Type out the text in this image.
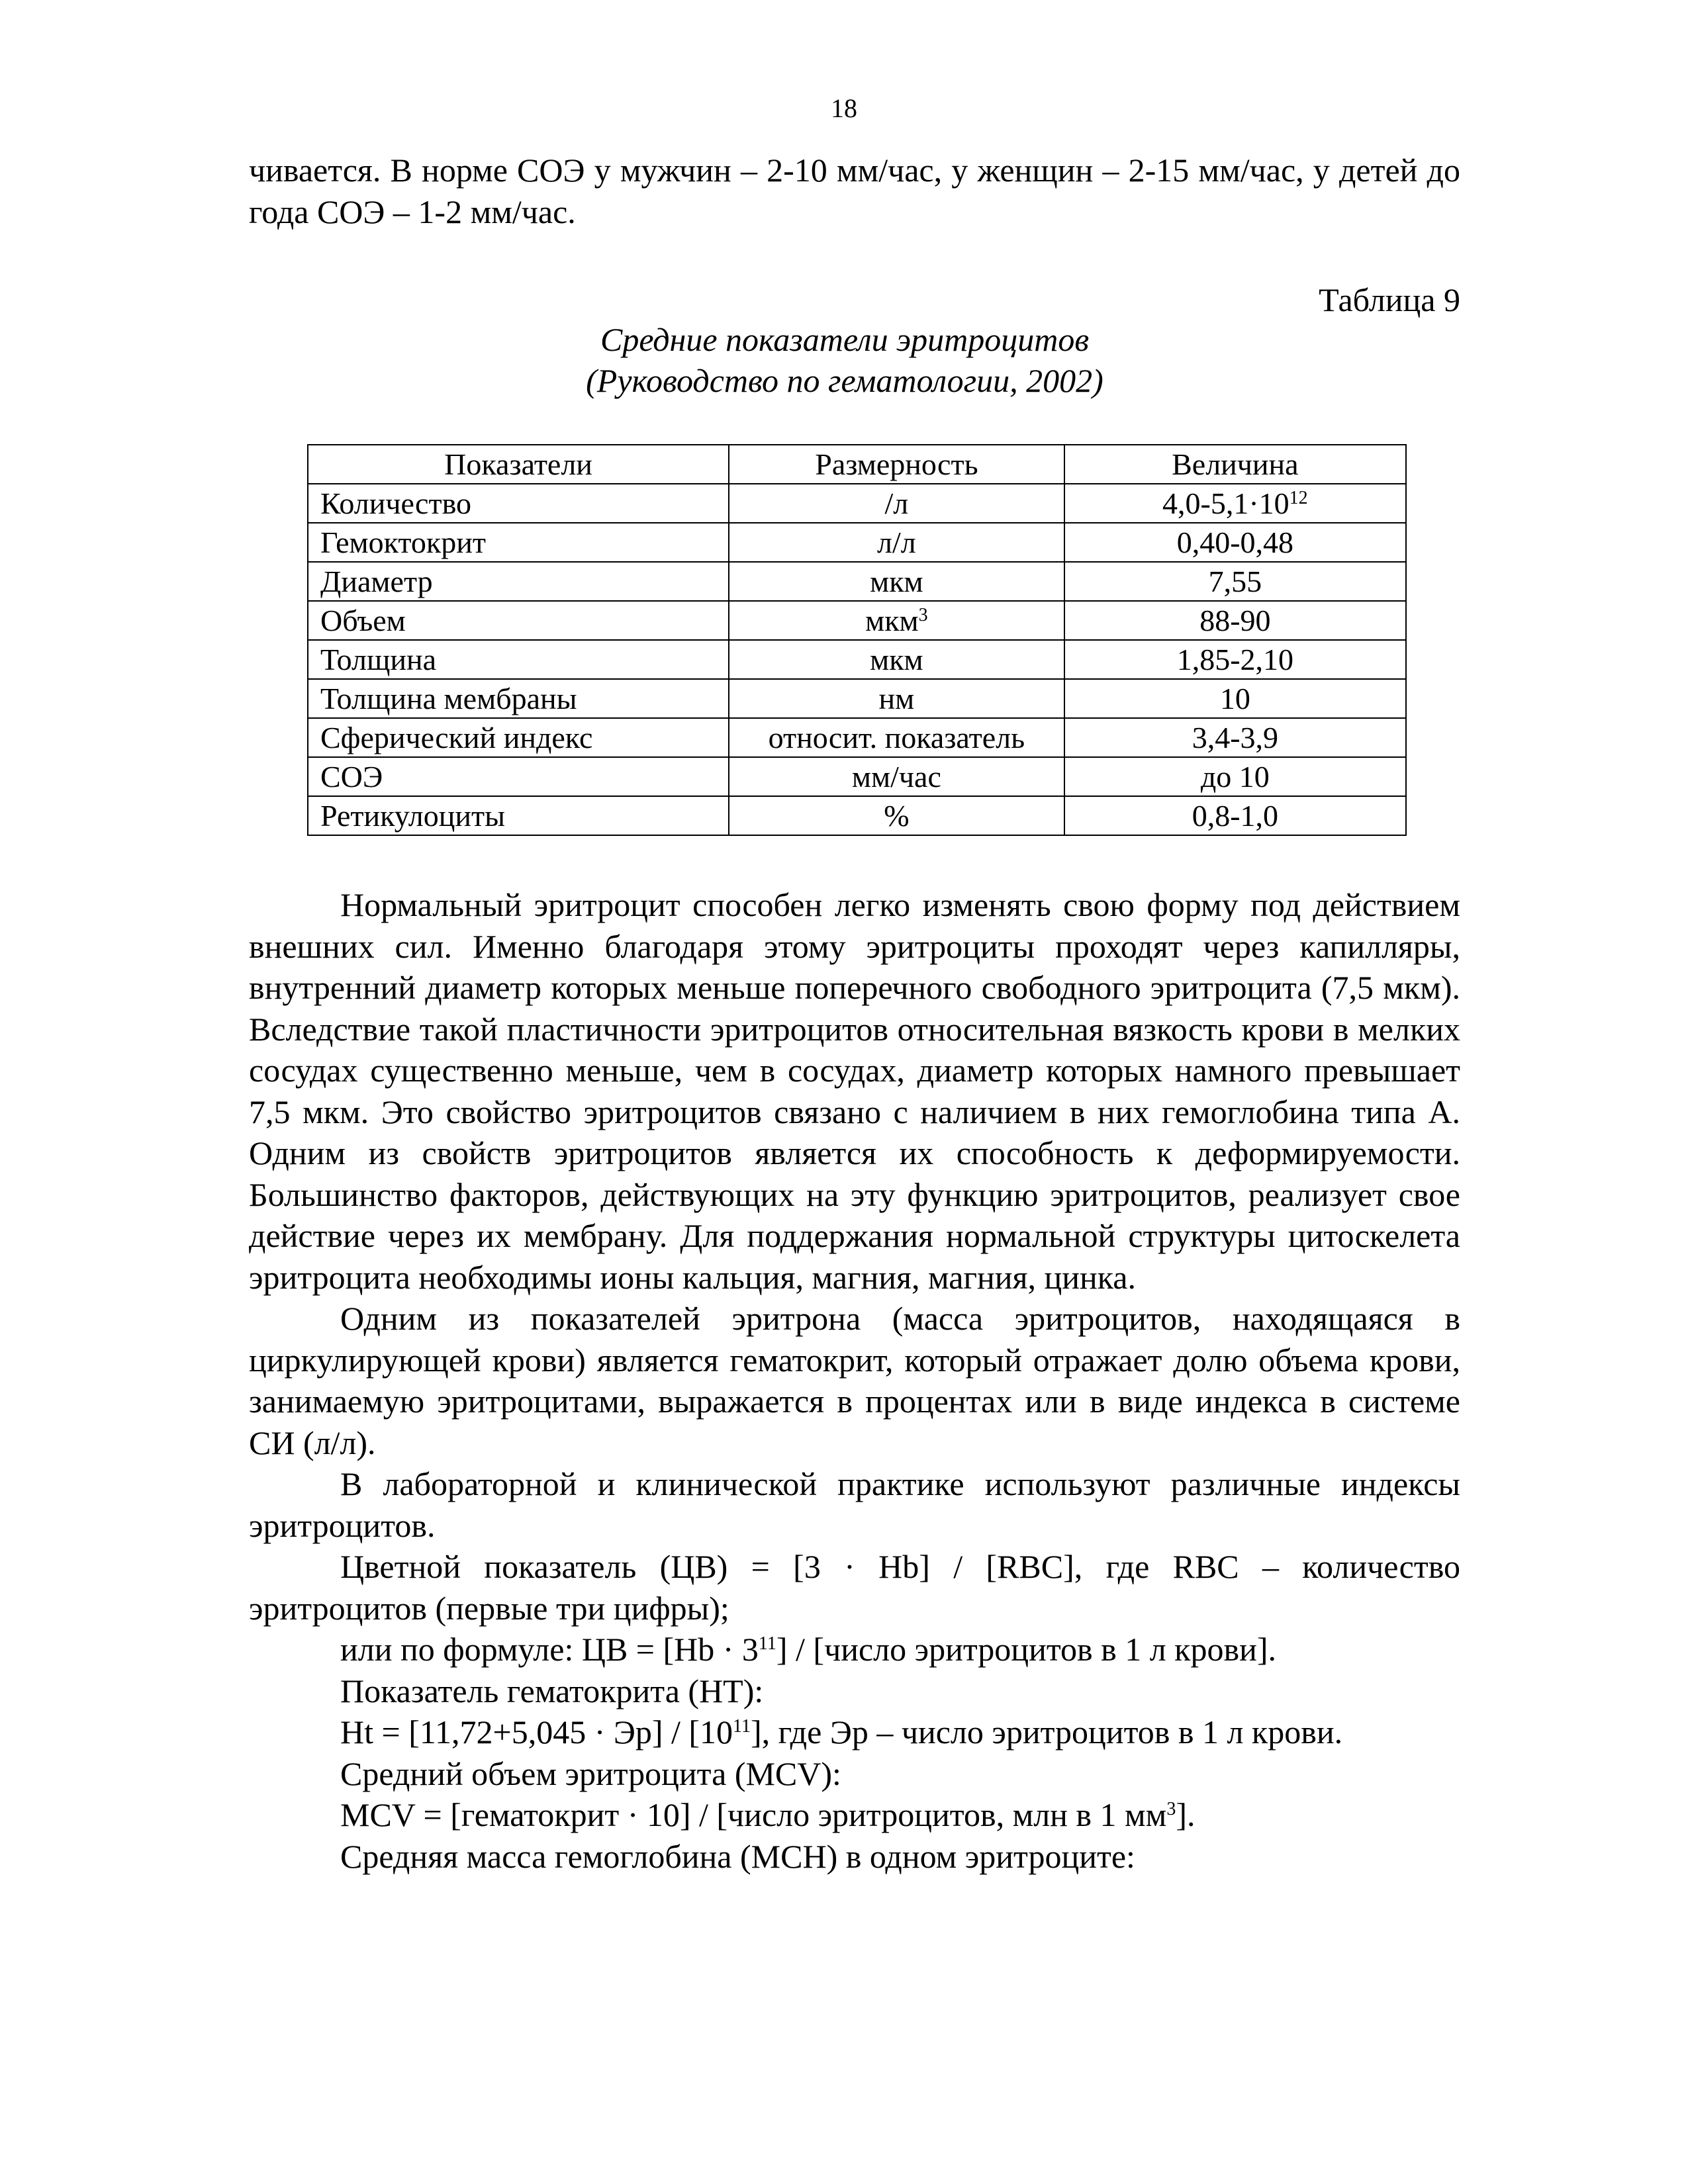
18

чивается. В норме СОЭ у мужчин – 2-10 мм/час, у женщин – 2-15 мм/час, у детей до года СОЭ – 1-2 мм/час.

Таблица 9
Средние показатели эритроцитов
(Руководство по гематологии, 2002)
Показатели	Размерность	Величина
Количество	/л	$4,0-5,1\cdot 10^{12}$
Гемоктокрит	л/л	0,40-0,48
Диаметр	мкм	7,55
Объем	мкм$^3$	88-90
Толщина	мкм	1,85-2,10
Толщина мембраны	нм	10
Сферический индекс	относит. показатель	3,4-3,9
СОЭ	мм/час	до 10
Ретикулоциты	%	0,8-1,0

Нормальный эритроцит способен легко изменять свою форму под действием внешних сил. Именно благодаря этому эритроциты проходят через капилляры, внутренний диаметр которых меньше поперечного свободного эритроцита (7,5 мкм). Вследствие такой пластичности эритроцитов относительная вязкость крови в мелких сосудах существенно меньше, чем в сосудах, диаметр которых намного превышает 7,5 мкм. Это свойство эритроцитов связано с наличием в них гемоглобина типа А. Одним из свойств эритроцитов является их способность к деформируемости. Большинство факторов, действующих на эту функцию эритроцитов, реализует свое действие через их мембрану. Для поддержания нормальной структуры цитоскелета эритроцита необходимы ионы кальция, магния, магния, цинка.

Одним из показателей эритрона (масса эритроцитов, находящаяся в циркулирующей крови) является гематокрит, который отражает долю объема крови, занимаемую эритроцитами, выражается в процентах или в виде индекса в системе СИ (л/л).

В лабораторной и клинической практике используют различные индексы эритроцитов.

Цветной показатель (ЦВ) = [3 · Hb] / [RBC], где RBC – количество эритроцитов (первые три цифры);

или по формуле: ЦВ = $[Hb \cdot 3^{11}]$ / [число эритроцитов в 1 л крови].

Показатель гематокрита (HT):

$Ht = [11,72+5,045 \cdot Эр] / [10^{11}]$, где Эр – число эритроцитов в 1 л крови.

Средний объем эритроцита (MCV):

MCV = [гематокрит · 10] / [число эритроцитов, млн в 1 $мм^3$].

Средняя масса гемоглобина (MCH) в одном эритроците:
